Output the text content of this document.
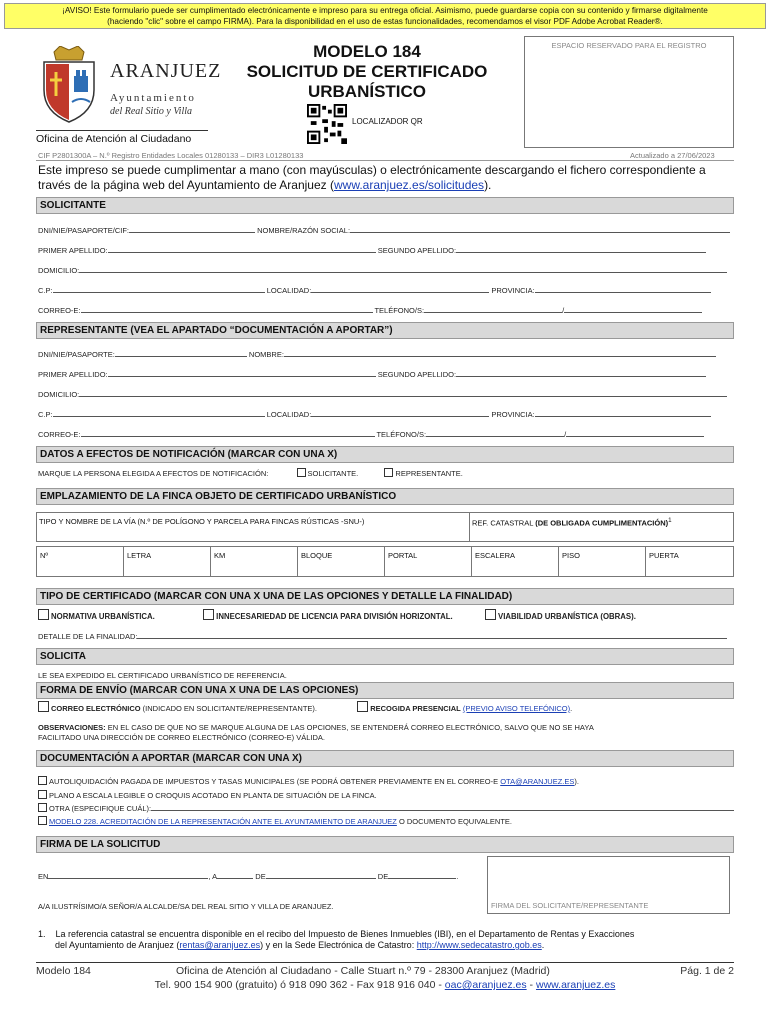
¡AVISO! Este formulario puede ser cumplimentado electrónicamente e impreso para su entrega oficial. Asimismo, puede guardarse copia con su contenido y firmarse digitalmente
(haciendo "clic" sobre el campo FIRMA). Para la disponibilidad en el uso de estas funcionalidades, recomendamos el visor PDF Adobe Acrobat Reader®.
ARANJUEZ
Ayuntamiento
del Real Sitio y Villa
Oficina de Atención al Ciudadano
MODELO 184
SOLICITUD DE CERTIFICADO
URBANÍSTICO
LOCALIZADOR QR
ESPACIO RESERVADO PARA EL REGISTRO
CIF P2801300A – N.º Registro Entidades Locales 01280133 – DIR3 L01280133	Actualizado a 27/06/2023
Este impreso se puede cumplimentar a mano (con mayúsculas) o electrónicamente descargando el fichero correspondiente a través de la página web del Ayuntamiento de Aranjuez (www.aranjuez.es/solicitudes).
SOLICITANTE
DNI/NIE/PASAPORTE/CIF:	NOMBRE/RAZÓN SOCIAL:
PRIMER APELLIDO:	SEGUNDO APELLIDO:
DOMICILIO:
C.P:	LOCALIDAD:	PROVINCIA:
CORREO-E:	TELÉFONO/S:	/
REPRESENTANTE (VEA EL APARTADO “DOCUMENTACIÓN A APORTAR”)
DNI/NIE/PASAPORTE:	NOMBRE:
PRIMER APELLIDO:	SEGUNDO APELLIDO:
DOMICILIO:
C.P:	LOCALIDAD:	PROVINCIA:
CORREO-E:	TELÉFONO/S:	/
DATOS A EFECTOS DE NOTIFICACIÓN (MARCAR CON UNA X)
MARQUE LA PERSONA ELEGIDA A EFECTOS DE NOTIFICACIÓN:	SOLICITANTE.	REPRESENTANTE.
EMPLAZAMIENTO DE LA FINCA OBJETO DE CERTIFICADO URBANÍSTICO
TIPO Y NOMBRE DE LA VÍA (N.º DE POLÍGONO Y PARCELA PARA FINCAS RÚSTICAS -SNU-)	REF. CATASTRAL (DE OBLIGADA CUMPLIMENTACIÓN)$^1$
Nº	LETRA	KM	BLOQUE	PORTAL	ESCALERA	PISO	PUERTA
TIPO DE CERTIFICADO (MARCAR CON UNA X UNA DE LAS OPCIONES Y DETALLE LA FINALIDAD)
NORMATIVA URBANÍSTICA.	INNECESARIEDAD DE LICENCIA PARA DIVISIÓN HORIZONTAL.	VIABILIDAD URBANÍSTICA (OBRAS).
DETALLE DE LA FINALIDAD:
SOLICITA
LE SEA EXPEDIDO EL CERTIFICADO URBANÍSTICO DE REFERENCIA.
FORMA DE ENVÍO (MARCAR CON UNA X UNA DE LAS OPCIONES)
CORREO ELECTRÓNICO (INDICADO EN SOLICITANTE/REPRESENTANTE).	RECOGIDA PRESENCIAL (PREVIO AVISO TELEFÓNICO).
OBSERVACIONES: EN EL CASO DE QUE NO SE MARQUE ALGUNA DE LAS OPCIONES, SE ENTENDERÁ CORREO ELECTRÓNICO, SALVO QUE NO SE HAYA
FACILITADO UNA DIRECCIÓN DE CORREO ELECTRÓNICO (CORREO-E) VÁLIDA.
DOCUMENTACIÓN A APORTAR (MARCAR CON UNA X)
AUTOLIQUIDACIÓN PAGADA DE IMPUESTOS Y TASAS MUNICIPALES (SE PODRÁ OBTENER PREVIAMENTE EN EL CORREO-E OTA@ARANJUEZ.ES).
PLANO A ESCALA LEGIBLE O CROQUIS ACOTADO EN PLANTA DE SITUACIÓN DE LA FINCA.
OTRA (ESPECIFIQUE CUÁL):
MODELO 228. ACREDITACIÓN DE LA REPRESENTACIÓN ANTE EL AYUNTAMIENTO DE ARANJUEZ O DOCUMENTO EQUIVALENTE.
FIRMA DE LA SOLICITUD
EN	, A	DE	DE	.
A/A ILUSTRÍSIMO/A SEÑOR/A ALCALDE/SA DEL REAL SITIO Y VILLA DE ARANJUEZ.	FIRMA DEL SOLICITANTE/REPRESENTANTE
1. La referencia catastral se encuentra disponible en el recibo del Impuesto de Bienes Inmuebles (IBI), en el Departamento de Rentas y Exacciones
del Ayuntamiento de Aranjuez (rentas@aranjuez.es) y en la Sede Electrónica de Catastro: http://www.sedecatastro.gob.es.
Modelo 184	Oficina de Atención al Ciudadano - Calle Stuart n.º 79 - 28300 Aranjuez (Madrid)	Pág. 1 de 2
Tel. 900 154 900 (gratuito) ó 918 090 362 - Fax 918 916 040 - oac@aranjuez.es - www.aranjuez.es
